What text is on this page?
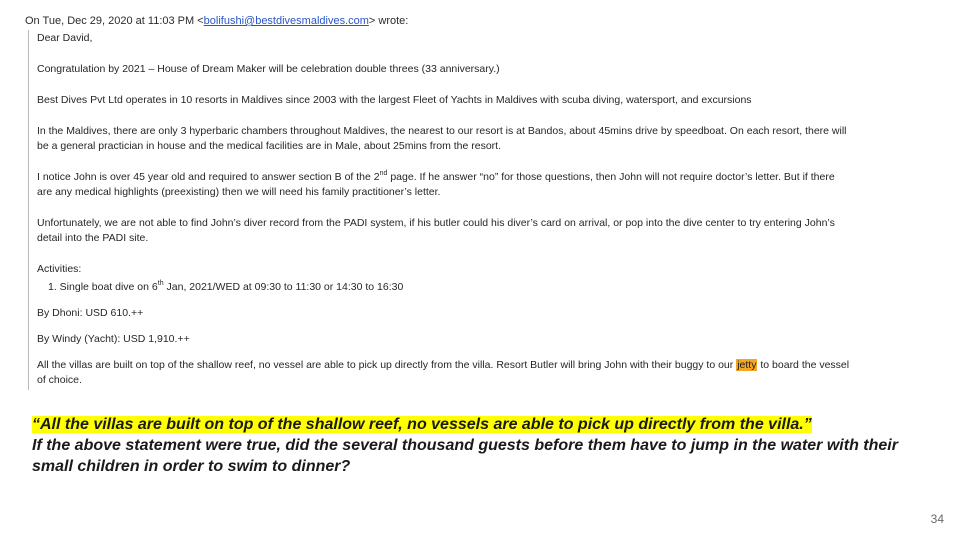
On Tue, Dec 29, 2020 at 11:03 PM <bolifushi@bestdivesmaldives.com> wrote:

Dear David,

Congratulation by 2021 – House of Dream Maker will be celebration double threes (33 anniversary.)

Best Dives Pvt Ltd operates in 10 resorts in Maldives since 2003 with the largest Fleet of Yachts in Maldives with scuba diving, watersport, and excursions

In the Maldives, there are only 3 hyperbaric chambers throughout Maldives, the nearest to our resort is at Bandos, about 45mins drive by speedboat. On each resort, there will

be a general practician in house and the medical facilities are in Male, about 25mins from the resort.

I notice John is over 45 year old and required to answer section B of the 2nd page. If he answer “no” for those questions, then John will not require doctor’s letter. But if there

are any medical highlights (preexisting) then we will need his family practitioner’s letter.

Unfortunately, we are not able to find John’s diver record from the PADI system, if his butler could his diver’s card on arrival, or pop into the dive center to try entering John’s

detail into the PADI site.

Activities:

1. Single boat dive on 6th Jan, 2021/WED at 09:30 to 11:30 or 14:30 to 16:30

By Dhoni: USD 610.++

By Windy (Yacht): USD 1,910.++

All the villas are built on top of the shallow reef, no vessel are able to pick up directly from the villa. Resort Butler will bring John with their buggy to our jetty to board the vessel

of choice.

“All the villas are built on top of the shallow reef, no vessels are able to pick up directly from the villa.”
If the above statement were true, did the several thousand guests before them have to jump in the water with their small children in order to swim to dinner?
34
